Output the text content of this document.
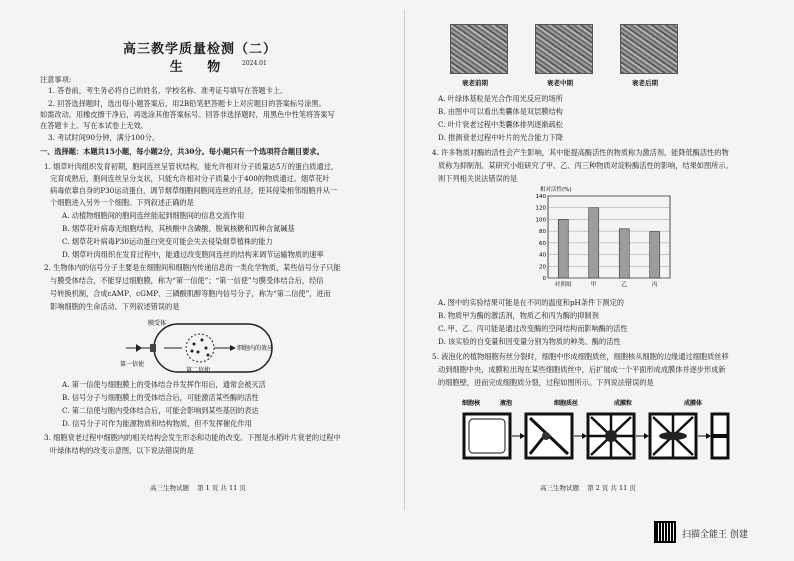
高三教学质量检测（二）
生 物	2024.01
注意事项:
1. 答卷前，考生务必将自己的姓名、学校名称、准考证号填写在答题卡上。
2. 回答选择题时，选出每小题答案后，用2B铅笔把答题卡上对应题目的答案标号涂黑。
如需改动，用橡皮擦干净后，再选涂其他答案标号。回答非选择题时，用黑色中性笔将答案写
在答题卡上。写在本试卷上无效。
3. 考试时间90分钟，满分100分。
一、选择题：本题共15小题，每小题2分，共30分。每小题只有一个选项符合题目要求。
1. 烟草叶肉组织发育初期，胞间连丝呈管状结构，能允许相对分子质量达5万的蛋白质通过，
完育成熟后，胞间连丝呈分支状，只能允许相对分子质量小于400的物质通过。烟草花叶
病毒依靠自身的P30运动蛋白，调节烟草细胞间胞间连丝的孔径，使其侵染相邻细胞并从一
个细胞进入另外一个细胞。下列叙述正确的是
A. 动植物细胞间的胞间连丝能起到细胞间的信息交流作用
B. 烟草花叶病毒无细胞结构，其核酸中含磷酸、脱氧核糖和四种含氮碱基
C. 烟草花叶病毒P30运动蛋白突变可能会失去侵染烟草植株的能力
D. 烟草叶肉组织在发育过程中，能通过改变胞间连丝的结构来调节运输物质的速率
2. 生物体内的信号分子主要是在细胞间和细胞内传递信息的一类化学物质，某些信号分子只能
与膜受体结合，不能穿过细胞膜，称为“第一信使”；“第一信使”与膜受体结合后，经信
号转换机制，合成cAMP、cGMP、三磷酸肌醇等胞内信号分子，称为“第二信使”，进而
影响细胞的生命活动。下列叙述错误的是
膜受体
第一信使
第二信使
细胞内的效应
A. 第一信使与细胞膜上的受体结合并发挥作用后，通常会被灭活
B. 信号分子与细胞膜上的受体结合后，可能激活某些酶的活性
C. 第二信使与胞内受体结合后，可能会影响到某些基因的表达
D. 信号分子可作为能源物质和结构物质，但不发挥催化作用
3. 细胞衰老过程中细胞内的相关结构会发生形态和功能的改变。下图是水稻叶片衰老的过程中
叶绿体结构的改变示意图，以下说法错误的是
高三生物试题 第 1 页 共 11 页
衰老前期	衰老中期	衰老后期
A. 叶绿体基粒是光合作用光反应的场所
B. 由图中可以看出类囊体是双层膜结构
C. 叶片衰老过程中类囊体排列逐渐疏松
D. 推测衰老过程中叶片的光合能力下降
4. 许多物质对酶的活性会产生影响，其中能提高酶活性的物质称为激活剂，能降低酶活性的物
质称为抑制剂。某研究小组研究了甲、乙、丙三种物质对淀粉酶活性的影响，结果如图所示。
则下列相关说法错误的是
相对活性(%)
0
20
40
60
80
100
120
140
对照组	甲	乙	丙
A. 图中的实验结果可能是在不同的温度和pH条件下测定的
B. 物质甲为酶的激活剂，物质乙和丙为酶的抑制剂
C. 甲、乙、丙可能是通过改变酶的空间结构而影响酶的活性
D. 该实验的自变量和因变量分别为物质的种类、酶的活性
5. 液泡化的植物细胞有丝分裂时，细胞中形成细胞质丝，细胞核从细胞的边缘通过细胞质丝移
动到细胞中央，成膜粒出现在某些细胞质丝中，后扩展成一个平面形成成膜体并逐步形成新
的细胞壁，进而完成细胞质分裂，过程如图所示。下列说法错误的是
细胞核	液泡	细胞质丝	成膜粒	成膜体
高三生物试题 第 2 页 共 11 页
扫描全能王 创建
